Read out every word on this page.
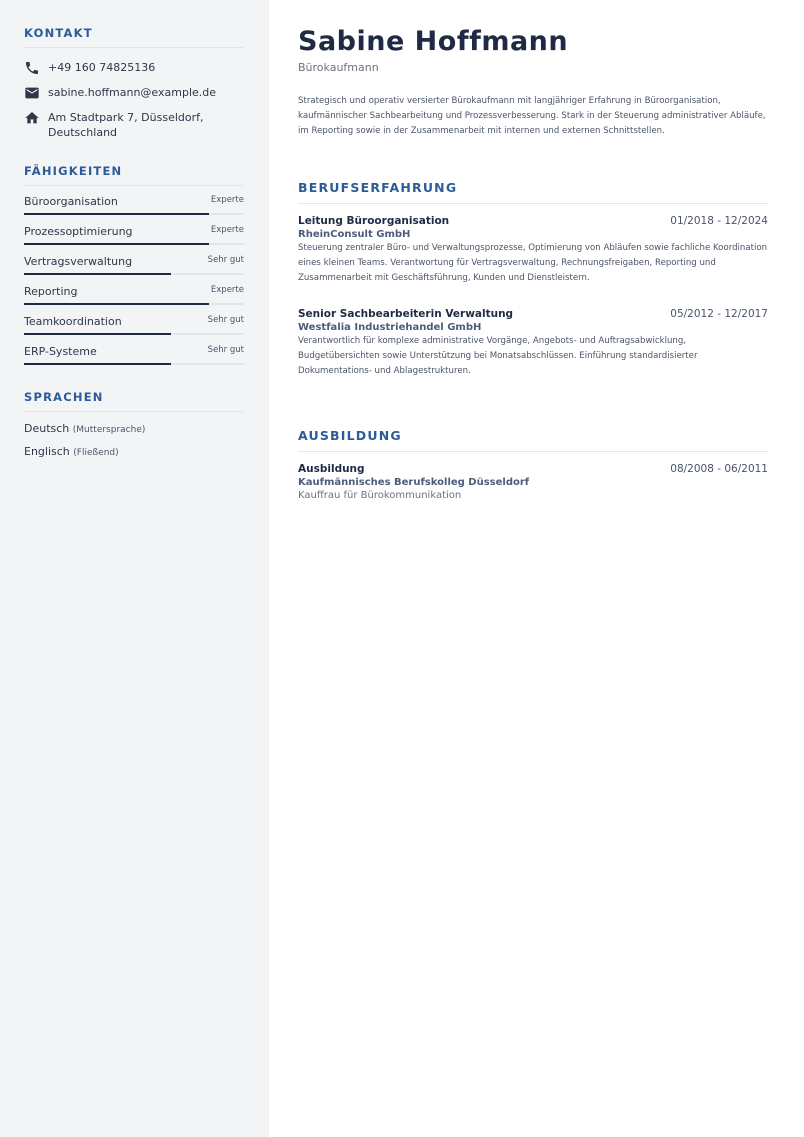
KONTAKT
+49 160 74825136
sabine.hoffmann@example.de
Am Stadtpark 7, Düsseldorf, Deutschland
FÄHIGKEITEN
Büroorganisation	Experte
Prozessoptimierung	Experte
Vertragsverwaltung	Sehr gut
Reporting	Experte
Teamkoordination	Sehr gut
ERP-Systeme	Sehr gut
SPRACHEN
Deutsch (Muttersprache)
Englisch (Fließend)
Sabine Hoffmann
Bürokaufmann
Strategisch und operativ versierter Bürokaufmann mit langjähriger Erfahrung in Büroorganisation, kaufmännischer Sachbearbeitung und Prozessverbesserung. Stark in der Steuerung administrativer Abläufe, im Reporting sowie in der Zusammenarbeit mit internen und externen Schnittstellen.
BERUFSERFAHRUNG
Leitung Büroorganisation	01/2018 - 12/2024
RheinConsult GmbH
Steuerung zentraler Büro- und Verwaltungsprozesse, Optimierung von Abläufen sowie fachliche Koordination eines kleinen Teams. Verantwortung für Vertragsverwaltung, Rechnungsfreigaben, Reporting und Zusammenarbeit mit Geschäftsführung, Kunden und Dienstleistern.
Senior Sachbearbeiterin Verwaltung	05/2012 - 12/2017
Westfalia Industriehandel GmbH
Verantwortlich für komplexe administrative Vorgänge, Angebots- und Auftragsabwicklung, Budgetübersichten sowie Unterstützung bei Monatsabschlüssen. Einführung standardisierter Dokumentations- und Ablagestrukturen.
AUSBILDUNG
Ausbildung	08/2008 - 06/2011
Kaufmännisches Berufskolleg Düsseldorf
Kauffrau für Bürokommunikation
